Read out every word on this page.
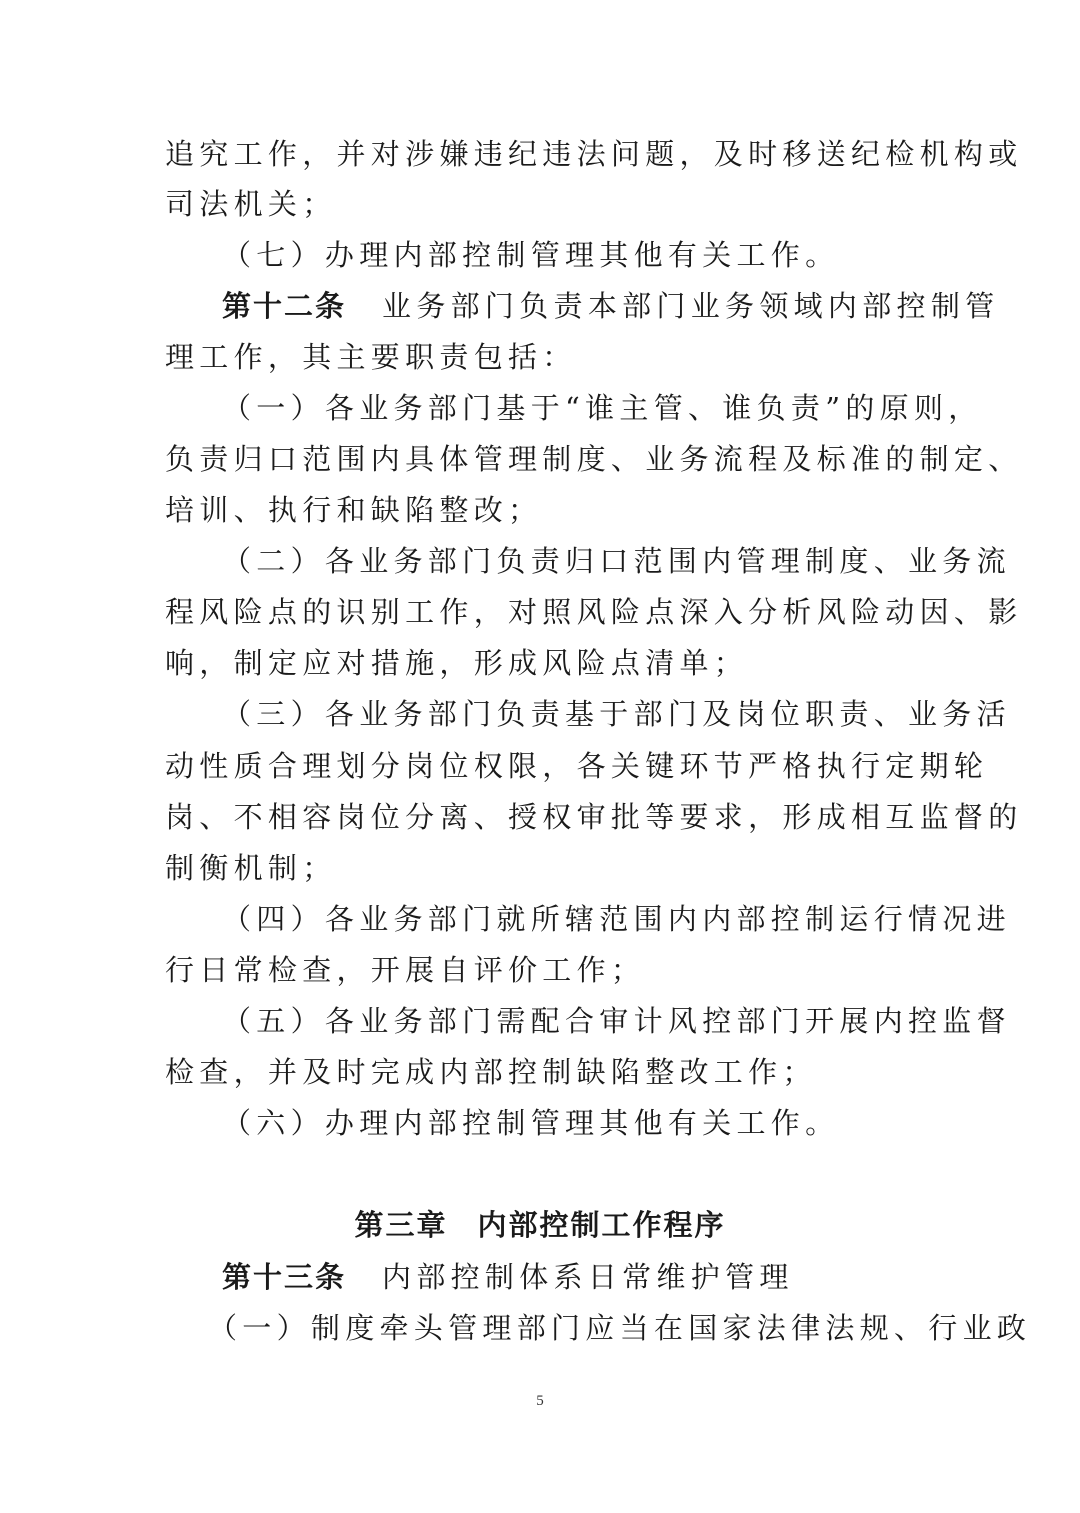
追究工作，并对涉嫌违纪违法问题，及时移送纪检机构或
司法机关；
（七）办理内部控制管理其他有关工作。
第十二条 业务部门负责本部门业务领域内部控制管
理工作，其主要职责包括：
（一）各业务部门基于“谁主管、谁负责”的原则，
负责归口范围内具体管理制度、业务流程及标准的制定、
培训、执行和缺陷整改；
（二）各业务部门负责归口范围内管理制度、业务流
程风险点的识别工作，对照风险点深入分析风险动因、影
响，制定应对措施，形成风险点清单；
（三）各业务部门负责基于部门及岗位职责、业务活
动性质合理划分岗位权限，各关键环节严格执行定期轮
岗、不相容岗位分离、授权审批等要求，形成相互监督的
制衡机制；
（四）各业务部门就所辖范围内内部控制运行情况进
行日常检查，开展自评价工作；
（五）各业务部门需配合审计风控部门开展内控监督
检查，并及时完成内部控制缺陷整改工作；
（六）办理内部控制管理其他有关工作。
第三章 内部控制工作程序
第十三条 内部控制体系日常维护管理
（一）制度牵头管理部门应当在国家法律法规、行业政
5
